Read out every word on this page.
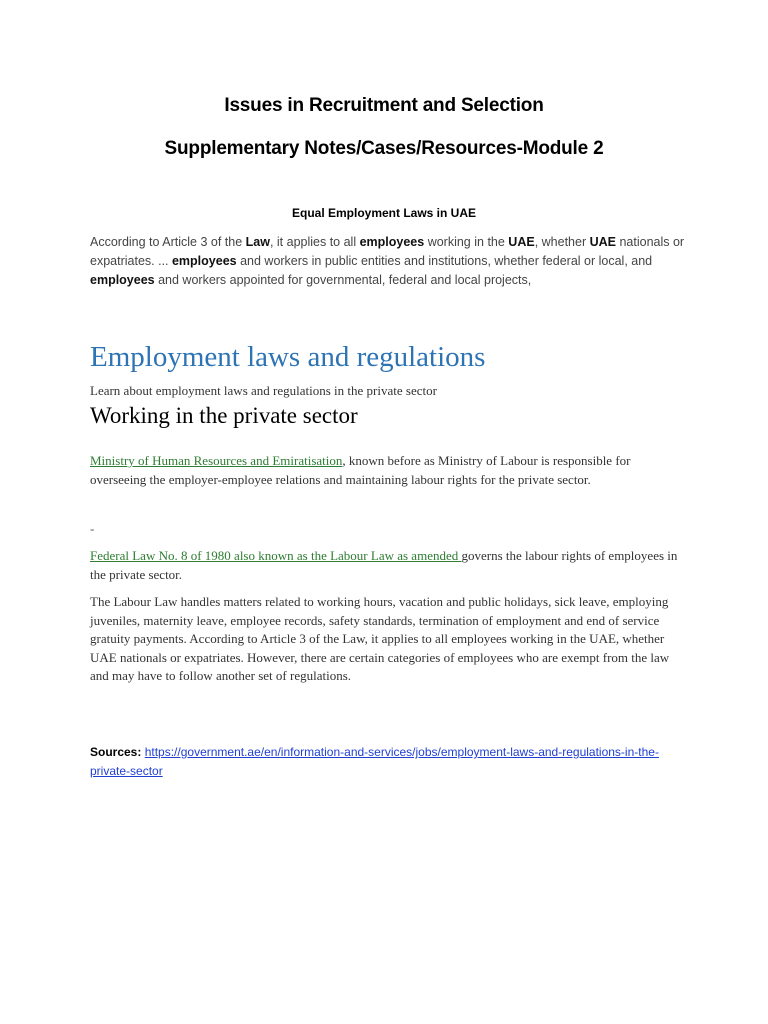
Issues in Recruitment and Selection
Supplementary Notes/Cases/Resources-Module 2

Equal Employment Laws in UAE

According to Article 3 of the Law, it applies to all employees working in the UAE, whether UAE nationals or expatriates. ... employees and workers in public entities and institutions, whether federal or local, and employees and workers appointed for governmental, federal and local projects,

Employment laws and regulations

Learn about employment laws and regulations in the private sector

Working in the private sector

Ministry of Human Resources and Emiratisation, known before as Ministry of Labour is responsible for overseeing the employer-employee relations and maintaining labour rights for the private sector.

-

Federal Law No. 8 of 1980 also known as the Labour Law as amended governs the labour rights of employees in the private sector.

The Labour Law handles matters related to working hours, vacation and public holidays, sick leave, employing juveniles, maternity leave, employee records, safety standards, termination of employment and end of service gratuity payments. According to Article 3 of the Law, it applies to all employees working in the UAE, whether UAE nationals or expatriates. However, there are certain categories of employees who are exempt from the law and may have to follow another set of regulations.

Sources: https://government.ae/en/information-and-services/jobs/employment-laws-and-regulations-in-the-private-sector
